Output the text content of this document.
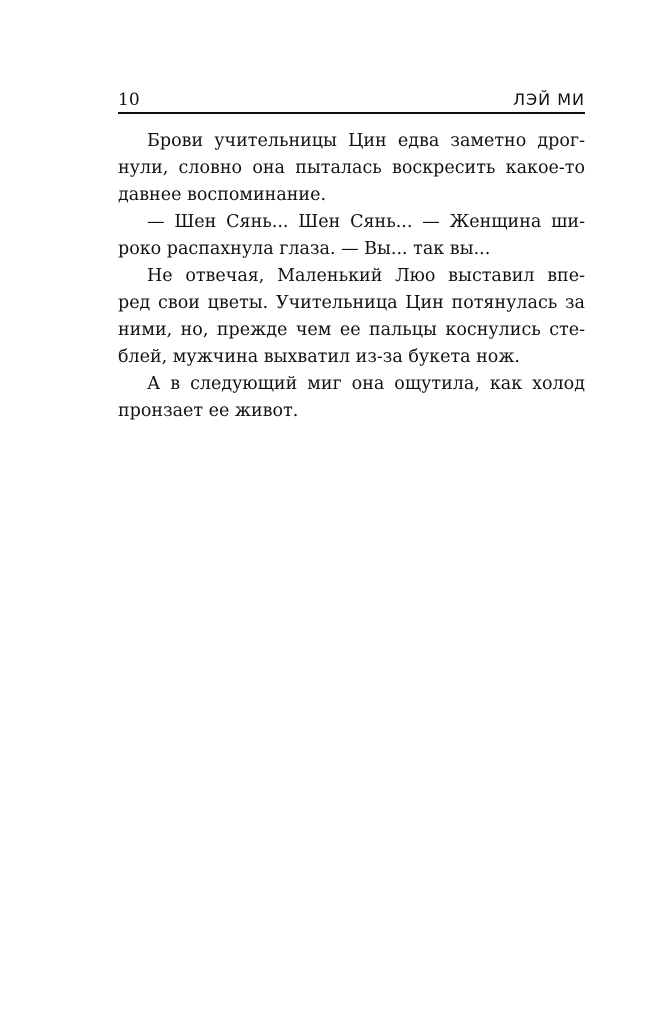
10	ЛЭЙ МИ
Брови учительницы Цин едва заметно дрог-
нули, словно она пыталась воскресить какое-то
давнее воспоминание.
— Шен Сянь... Шен Сянь... — Женщина ши-
роко распахнула глаза. — Вы... так вы...
Не отвечая, Маленький Люо выставил впе-
ред свои цветы. Учительница Цин потянулась за
ними, но, прежде чем ее пальцы коснулись сте-
блей, мужчина выхватил из-за букета нож.
А в следующий миг она ощутила, как холод
пронзает ее живот.
